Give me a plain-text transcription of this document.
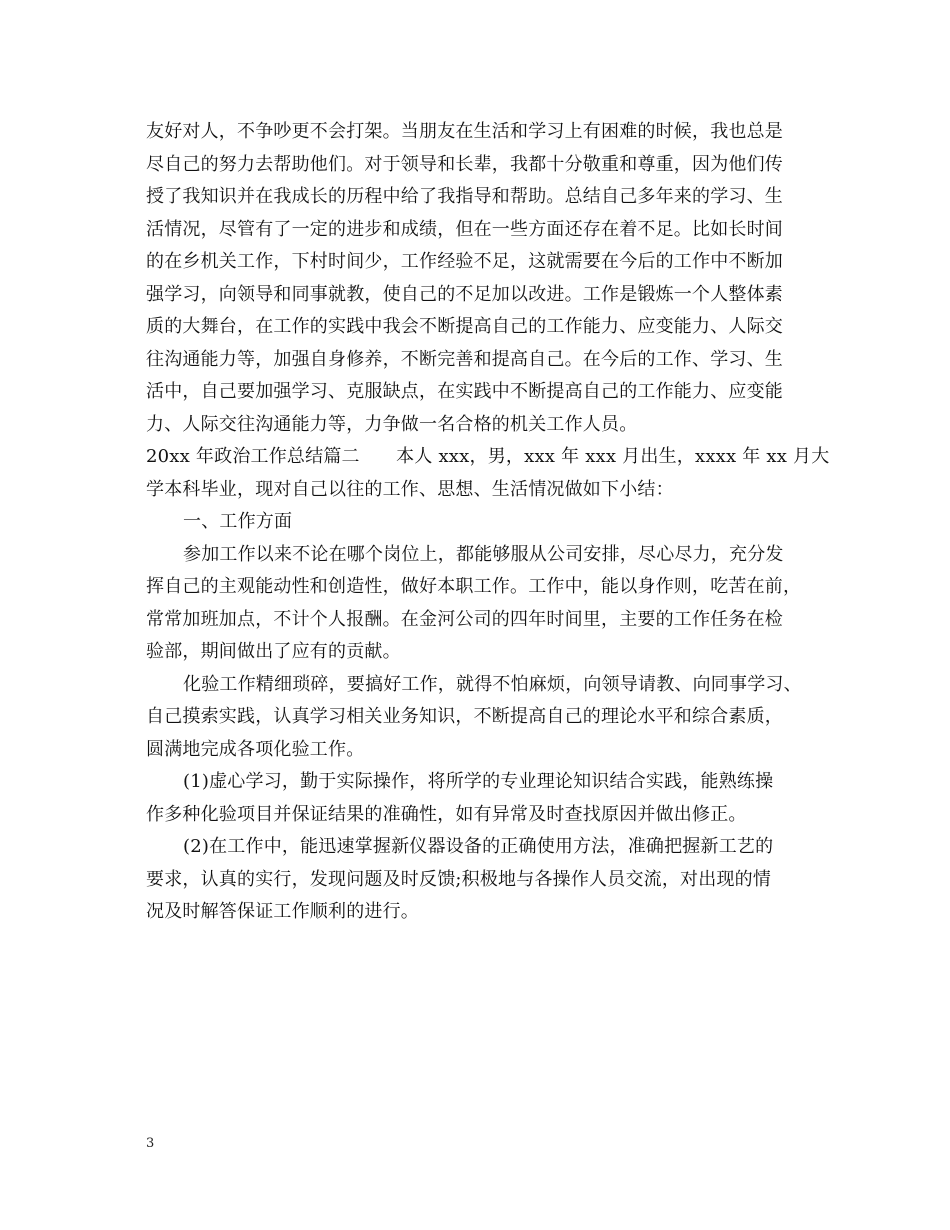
友好对人，不争吵更不会打架。当朋友在生活和学习上有困难的时候，我也总是
尽自己的努力去帮助他们。对于领导和长辈，我都十分敬重和尊重，因为他们传
授了我知识并在我成长的历程中给了我指导和帮助。总结自己多年来的学习、生
活情况，尽管有了一定的进步和成绩，但在一些方面还存在着不足。比如长时间
的在乡机关工作，下村时间少，工作经验不足，这就需要在今后的工作中不断加
强学习，向领导和同事就教，使自己的不足加以改进。工作是锻炼一个人整体素
质的大舞台，在工作的实践中我会不断提高自己的工作能力、应变能力、人际交
往沟通能力等，加强自身修养，不断完善和提高自己。在今后的工作、学习、生
活中，自己要加强学习、克服缺点，在实践中不断提高自己的工作能力、应变能
力、人际交往沟通能力等，力争做一名合格的机关工作人员。
20xx 年政治工作总结篇二　　本人 xxx，男，xxx 年 xxx 月出生，xxxx 年 xx 月大
学本科毕业，现对自己以往的工作、思想、生活情况做如下小结：
一、工作方面
参加工作以来不论在哪个岗位上，都能够服从公司安排，尽心尽力，充分发
挥自己的主观能动性和创造性，做好本职工作。工作中，能以身作则，吃苦在前，
常常加班加点，不计个人报酬。在金河公司的四年时间里，主要的工作任务在检
验部，期间做出了应有的贡献。
化验工作精细琐碎，要搞好工作，就得不怕麻烦，向领导请教、向同事学习、
自己摸索实践，认真学习相关业务知识，不断提高自己的理论水平和综合素质，
圆满地完成各项化验工作。
(1)虚心学习，勤于实际操作，将所学的专业理论知识结合实践，能熟练操
作多种化验项目并保证结果的准确性，如有异常及时查找原因并做出修正。
(2)在工作中，能迅速掌握新仪器设备的正确使用方法，准确把握新工艺的
要求，认真的实行，发现问题及时反馈;积极地与各操作人员交流，对出现的情
况及时解答保证工作顺利的进行。
3
